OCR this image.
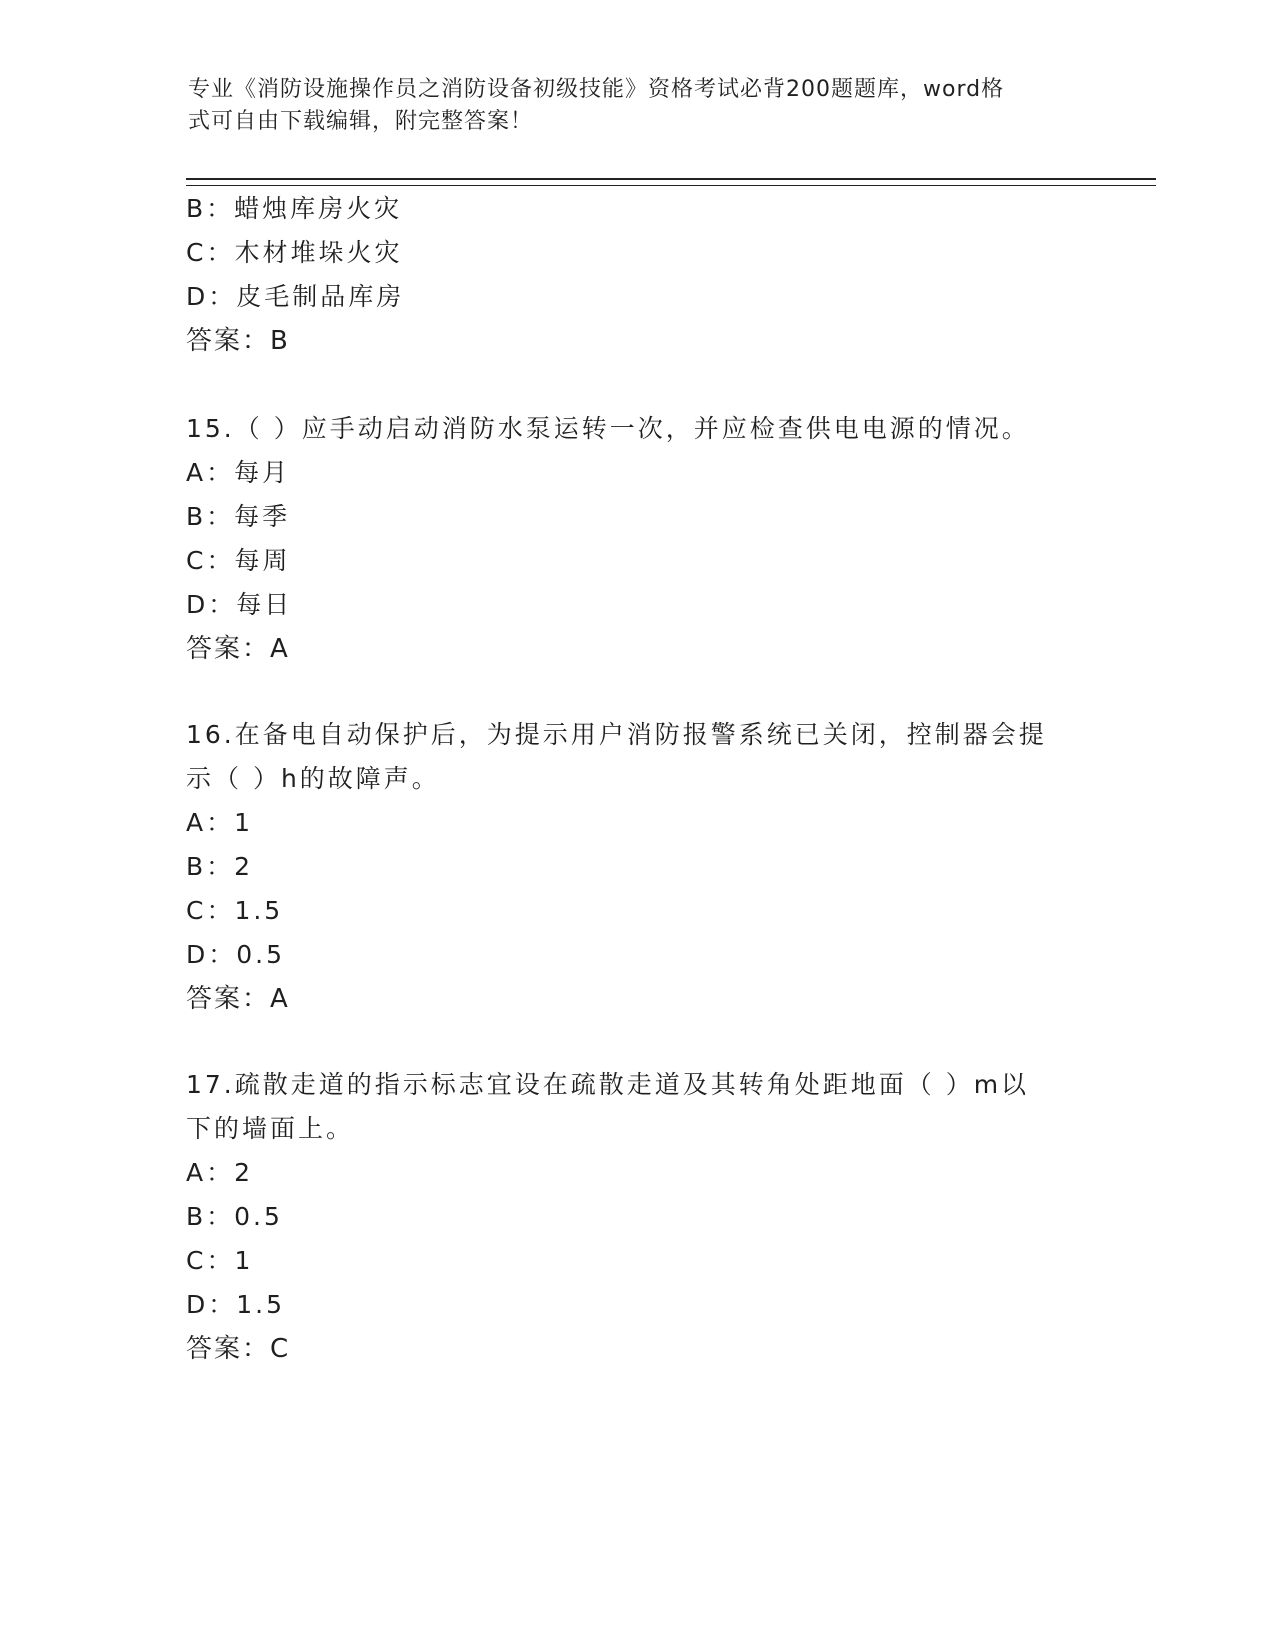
专业《消防设施操作员之消防设备初级技能》资格考试必背200题题库，word格
式可自由下载编辑，附完整答案！
B：蜡烛库房火灾
C：木材堆垛火灾
D：皮毛制品库房
答案：B
15.（ ）应手动启动消防水泵运转一次，并应检查供电电源的情况。
A：每月
B：每季
C：每周
D：每日
答案：A
16.在备电自动保护后，为提示用户消防报警系统已关闭，控制器会提
示（ ）h的故障声。
A：1
B：2
C：1.5
D：0.5
答案：A
17.疏散走道的指示标志宜设在疏散走道及其转角处距地面（ ）m以
下的墙面上。
A：2
B：0.5
C：1
D：1.5
答案：C
